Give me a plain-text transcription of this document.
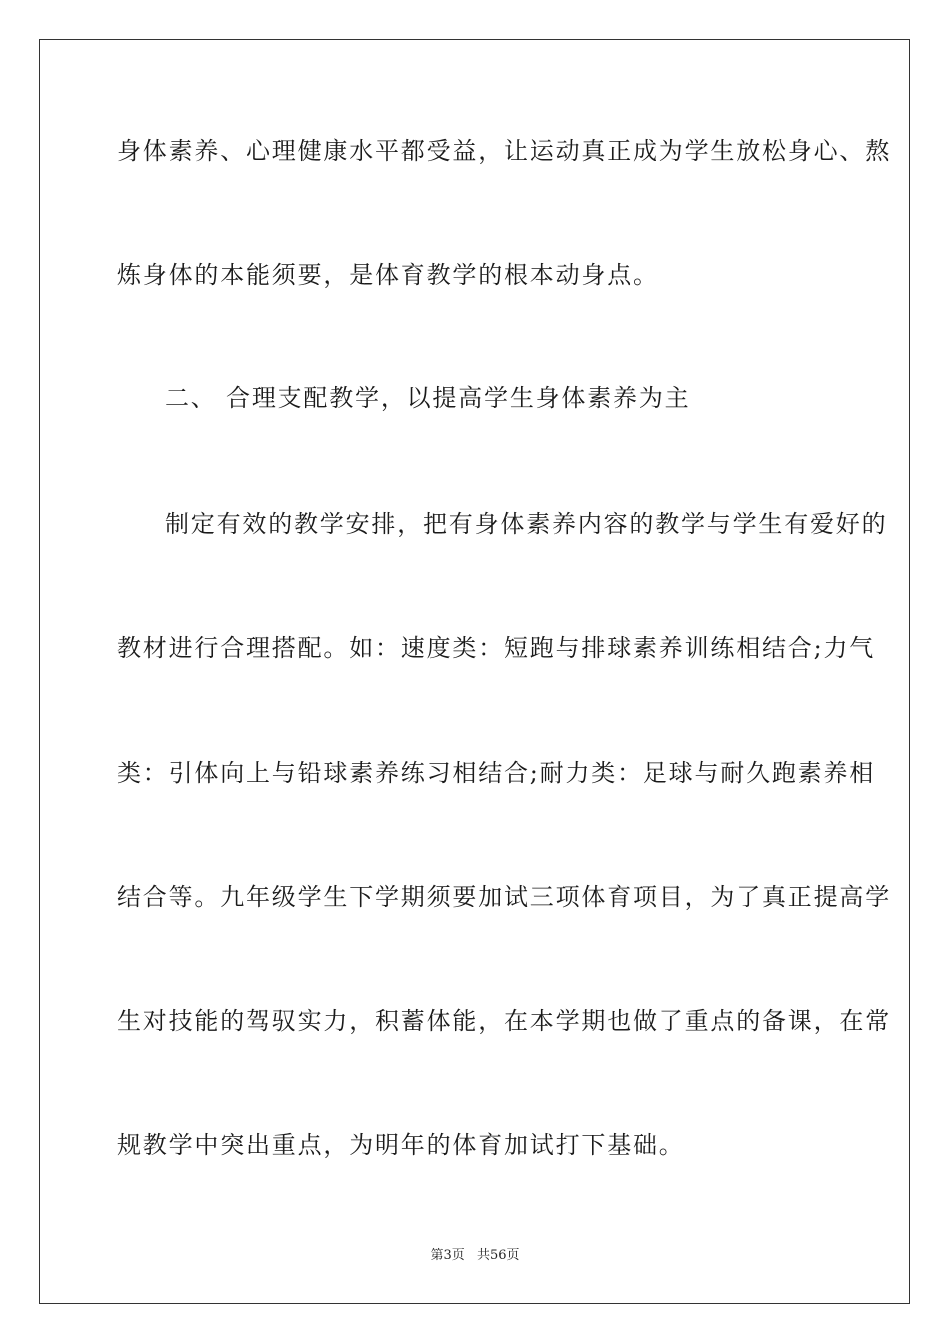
身体素养、心理健康水平都受益，让运动真正成为学生放松身心、熬
炼身体的本能须要，是体育教学的根本动身点。
二、 合理支配教学，以提高学生身体素养为主
制定有效的教学安排，把有身体素养内容的教学与学生有爱好的
教材进行合理搭配。如：速度类：短跑与排球素养训练相结合;力气
类：引体向上与铅球素养练习相结合;耐力类：足球与耐久跑素养相
结合等。九年级学生下学期须要加试三项体育项目，为了真正提高学
生对技能的驾驭实力，积蓄体能，在本学期也做了重点的备课，在常
规教学中突出重点，为明年的体育加试打下基础。
第3页 共56页
